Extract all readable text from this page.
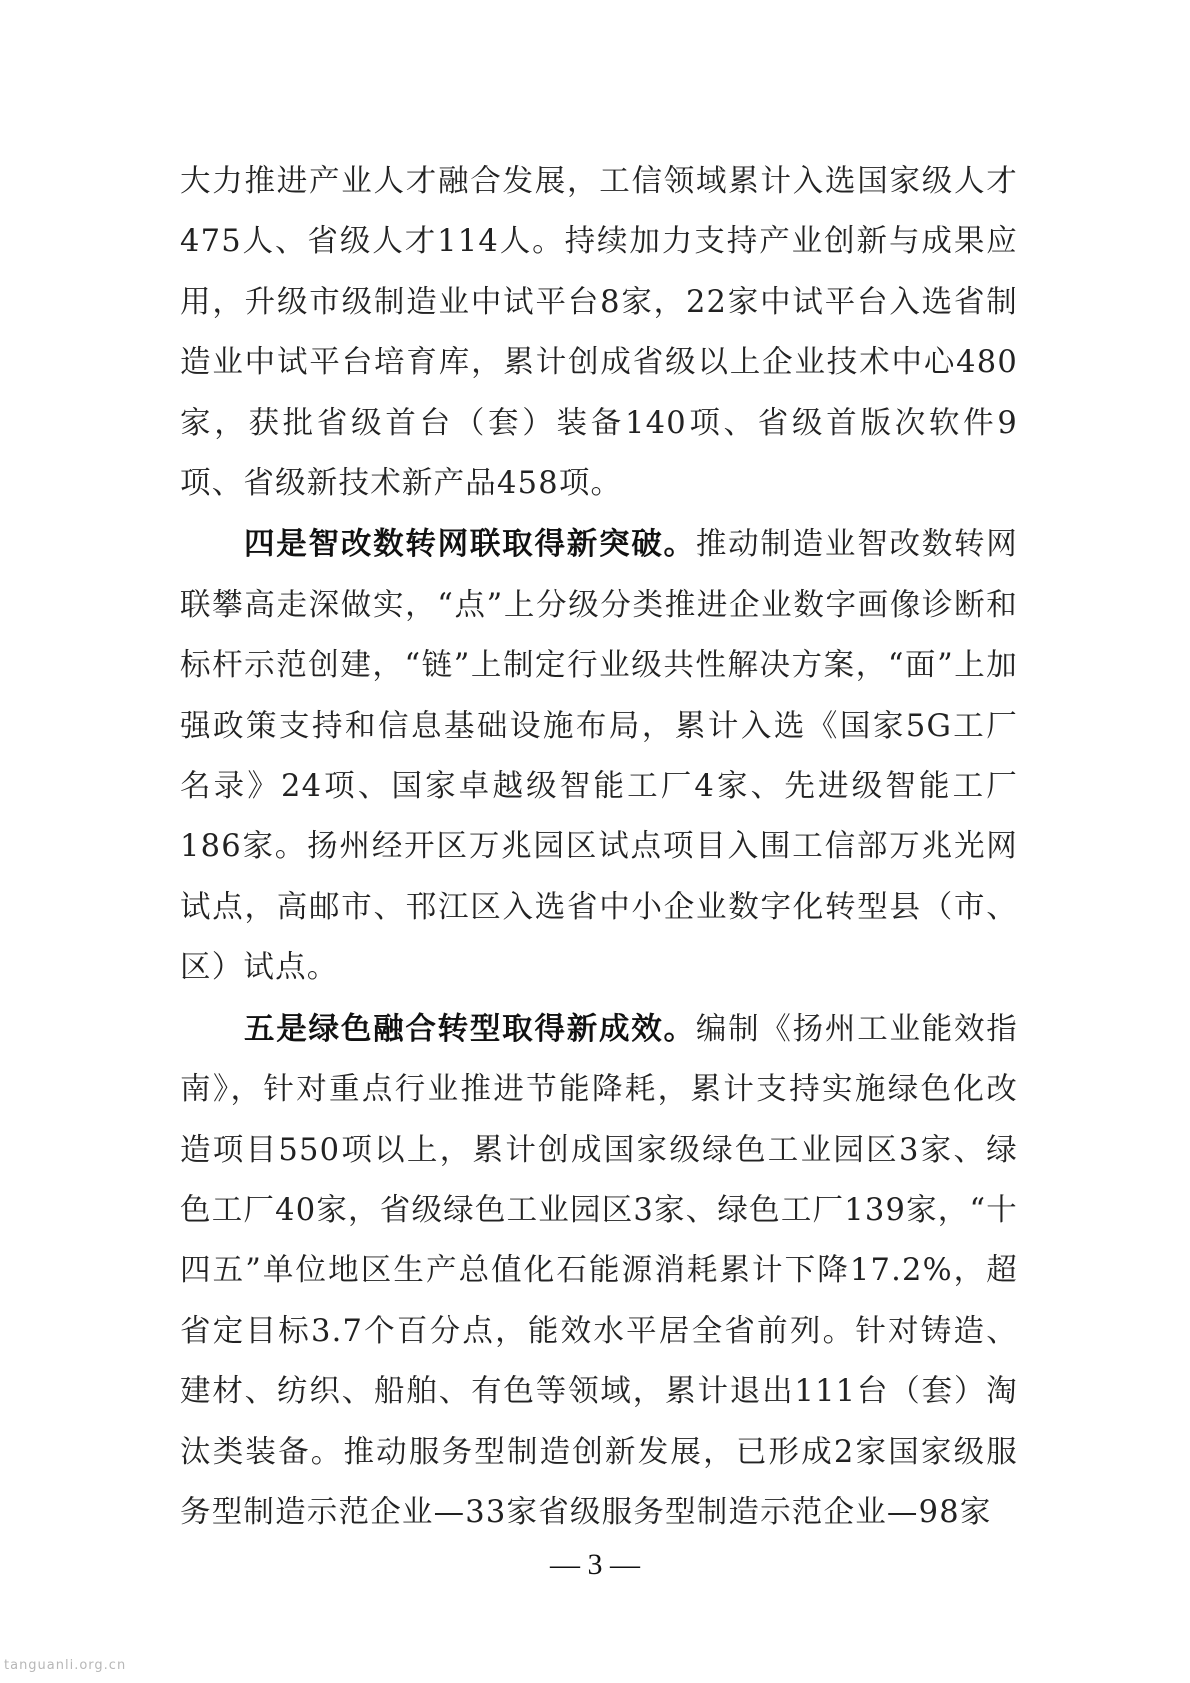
大力推进产业人才融合发展，工信领域累计入选国家级人才475人、省级人才114人。持续加力支持产业创新与成果应用，升级市级制造业中试平台8家，22家中试平台入选省制造业中试平台培育库，累计创成省级以上企业技术中心480家，获批省级首台（套）装备140项、省级首版次软件9项、省级新技术新产品458项。

四是智改数转网联取得新突破。推动制造业智改数转网联攀高走深做实，“点”上分级分类推进企业数字画像诊断和标杆示范创建，“链”上制定行业级共性解决方案，“面”上加强政策支持和信息基础设施布局，累计入选《国家5G工厂名录》24项、国家卓越级智能工厂4家、先进级智能工厂186家。扬州经开区万兆园区试点项目入围工信部万兆光网试点，高邮市、邗江区入选省中小企业数字化转型县（市、区）试点。

五是绿色融合转型取得新成效。编制《扬州工业能效指南》，针对重点行业推进节能降耗，累计支持实施绿色化改造项目550项以上，累计创成国家级绿色工业园区3家、绿色工厂40家，省级绿色工业园区3家、绿色工厂139家，“十四五”单位地区生产总值化石能源消耗累计下降17.2%，超省定目标3.7个百分点，能效水平居全省前列。针对铸造、建材、纺织、船舶、有色等领域，累计退出111台（套）淘汰类装备。推动服务型制造创新发展，已形成2家国家级服务型制造示范企业—33家省级服务型制造示范企业—98家

— 3 —
tanguanli.org.cn
